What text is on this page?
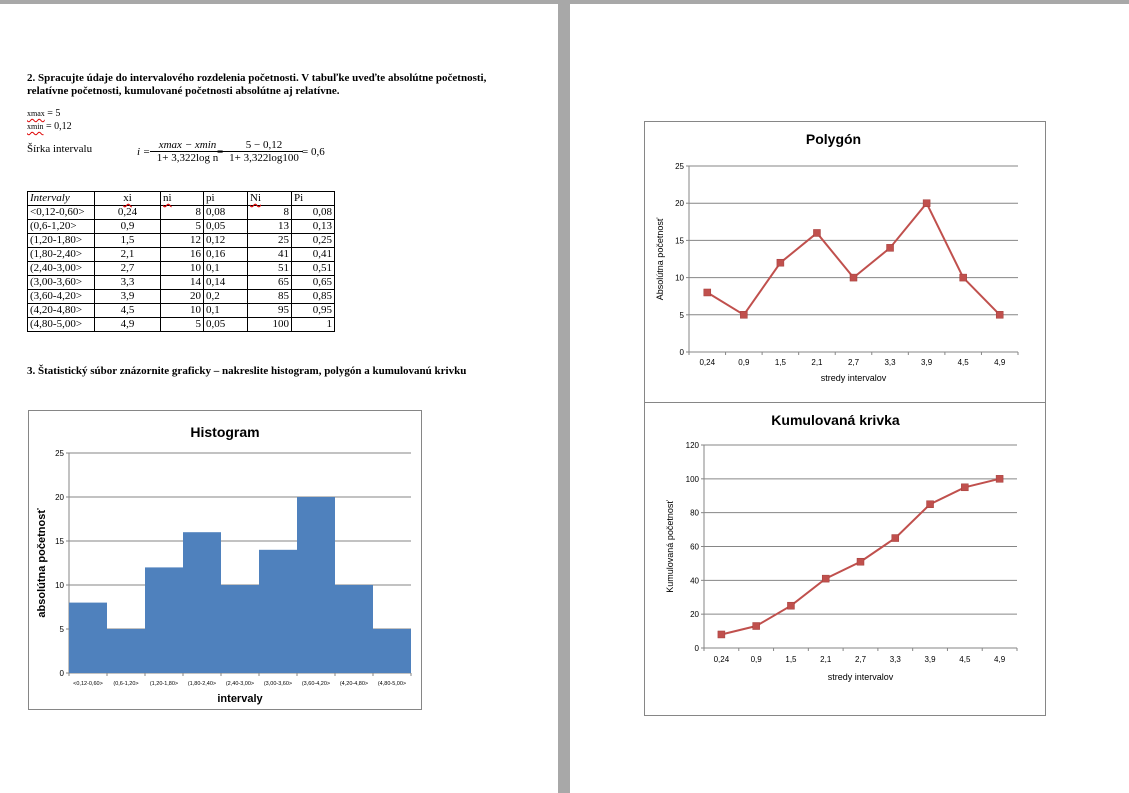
2. Spracujte údaje do intervalového rozdelenia početnosti. V tabuľke uveďte absolútne početnosti,
relatívne početnosti, kumulované početnosti absolútne aj relatívne.
xmax = 5
xmin = 0,12
Šírka intervalu	i =
xmax − xmin
1+ 3,322log n
= $\frac{5 - 0,12}{1+ 3,322\log 100} = 0,6$
Intervaly	xi	ni	pi	Ni	Pi
<0,12-0,60>	0,24	8	0,08	8	0,08
(0,6-1,20>	0,9	5	0,05	13	0,13
(1,20-1,80>	1,5	12	0,12	25	0,25
(1,80-2,40>	2,1	16	0,16	41	0,41
(2,40-3,00>	2,7	10	0,1	51	0,51
(3,00-3,60>	3,3	14	0,14	65	0,65
(3,60-4,20>	3,9	20	0,2	85	0,85
(4,20-4,80>	4,5	10	0,1	95	0,95
(4,80-5,00>	4,9	5	0,05	100	1
3. Štatistický súbor znázornite graficky – nakreslite histogram, polygón a kumulovanú krivku
Histogram
0
5
10
15
20
25
<0,12-0,60> (0,6-1,20> (1,20-1,80> (1,80-2,40> (2,40-3,00> (3,00-3,60> (3,60-4,20> (4,20-4,80> (4,80-5,00>
intervaly
absolútna početnosť
Polygón
0
5
10
15
20
25
0,24	0,9	1,5	2,1	2,7	3,3	3,9	4,5	4,9
stredy intervalov
Absolútna početnosť
Kumulovaná krivka
0
20
40
60
80
100
120
0,24	0,9	1,5	2,1	2,7	3,3	3,9	4,5	4,9
stredy intervalov
Kumulovaná početnosť
